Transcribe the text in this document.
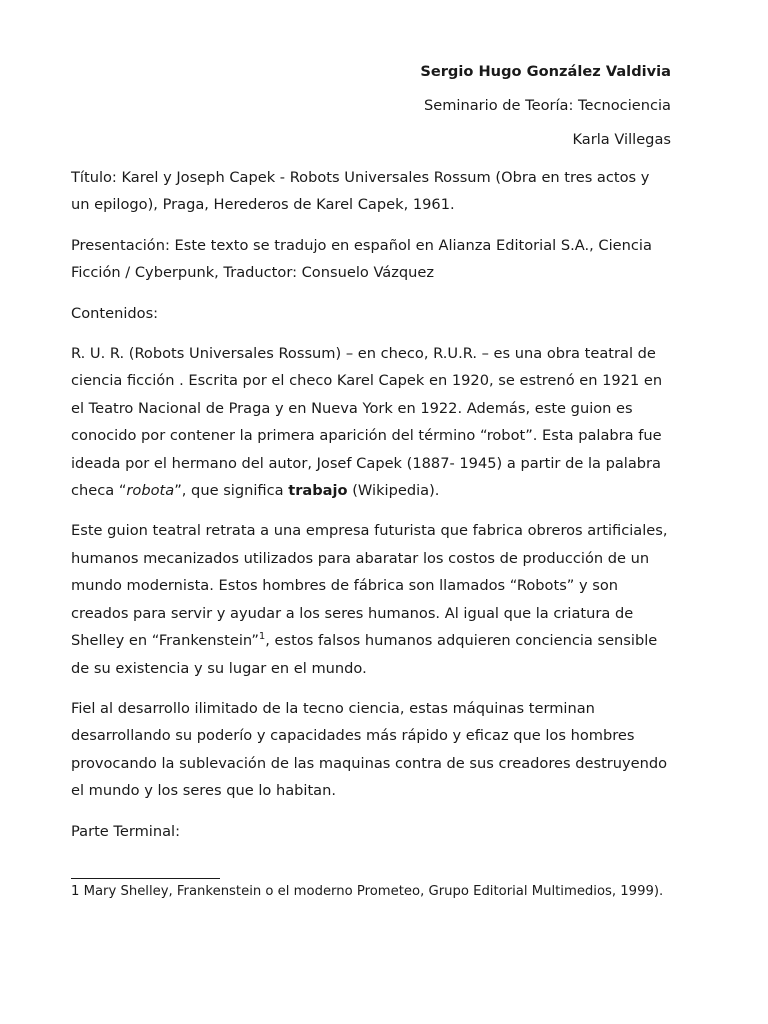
Sergio Hugo González Valdivia

Seminario de Teoría: Tecnociencia

Karla Villegas

Título: Karel y Joseph Capek - Robots Universales Rossum (Obra en tres actos y un epilogo), Praga, Herederos de Karel Capek, 1961.

Presentación: Este texto se tradujo en español en Alianza Editorial S.A., Ciencia Ficción / Cyberpunk, Traductor: Consuelo Vázquez

Contenidos:

R. U. R. (Robots Universales Rossum) – en checo, R.U.R. – es una obra teatral de ciencia ficción . Escrita por el checo Karel Capek en 1920, se estrenó en 1921 en el Teatro Nacional de Praga y en Nueva York en 1922. Además, este guion es conocido por contener la primera aparición del término “robot”. Esta palabra fue ideada por el hermano del autor, Josef Capek (1887- 1945) a partir de la palabra checa “robota”, que significa trabajo (Wikipedia).

Este guion teatral retrata a una empresa futurista que fabrica obreros artificiales, humanos mecanizados utilizados para abaratar los costos de producción de un mundo modernista. Estos hombres de fábrica son llamados “Robots” y son creados para servir y ayudar a los seres humanos. Al igual que la criatura de Shelley en “Frankenstein”$^1$, estos falsos humanos adquieren conciencia sensible de su existencia y su lugar en el mundo.

Fiel al desarrollo ilimitado de la tecno ciencia, estas máquinas terminan desarrollando su poderío y capacidades más rápido y eficaz que los hombres provocando la sublevación de las maquinas contra de sus creadores destruyendo el mundo y los seres que lo habitan.

Parte Terminal:

1 Mary Shelley, Frankenstein o el moderno Prometeo, Grupo Editorial Multimedios, 1999).
